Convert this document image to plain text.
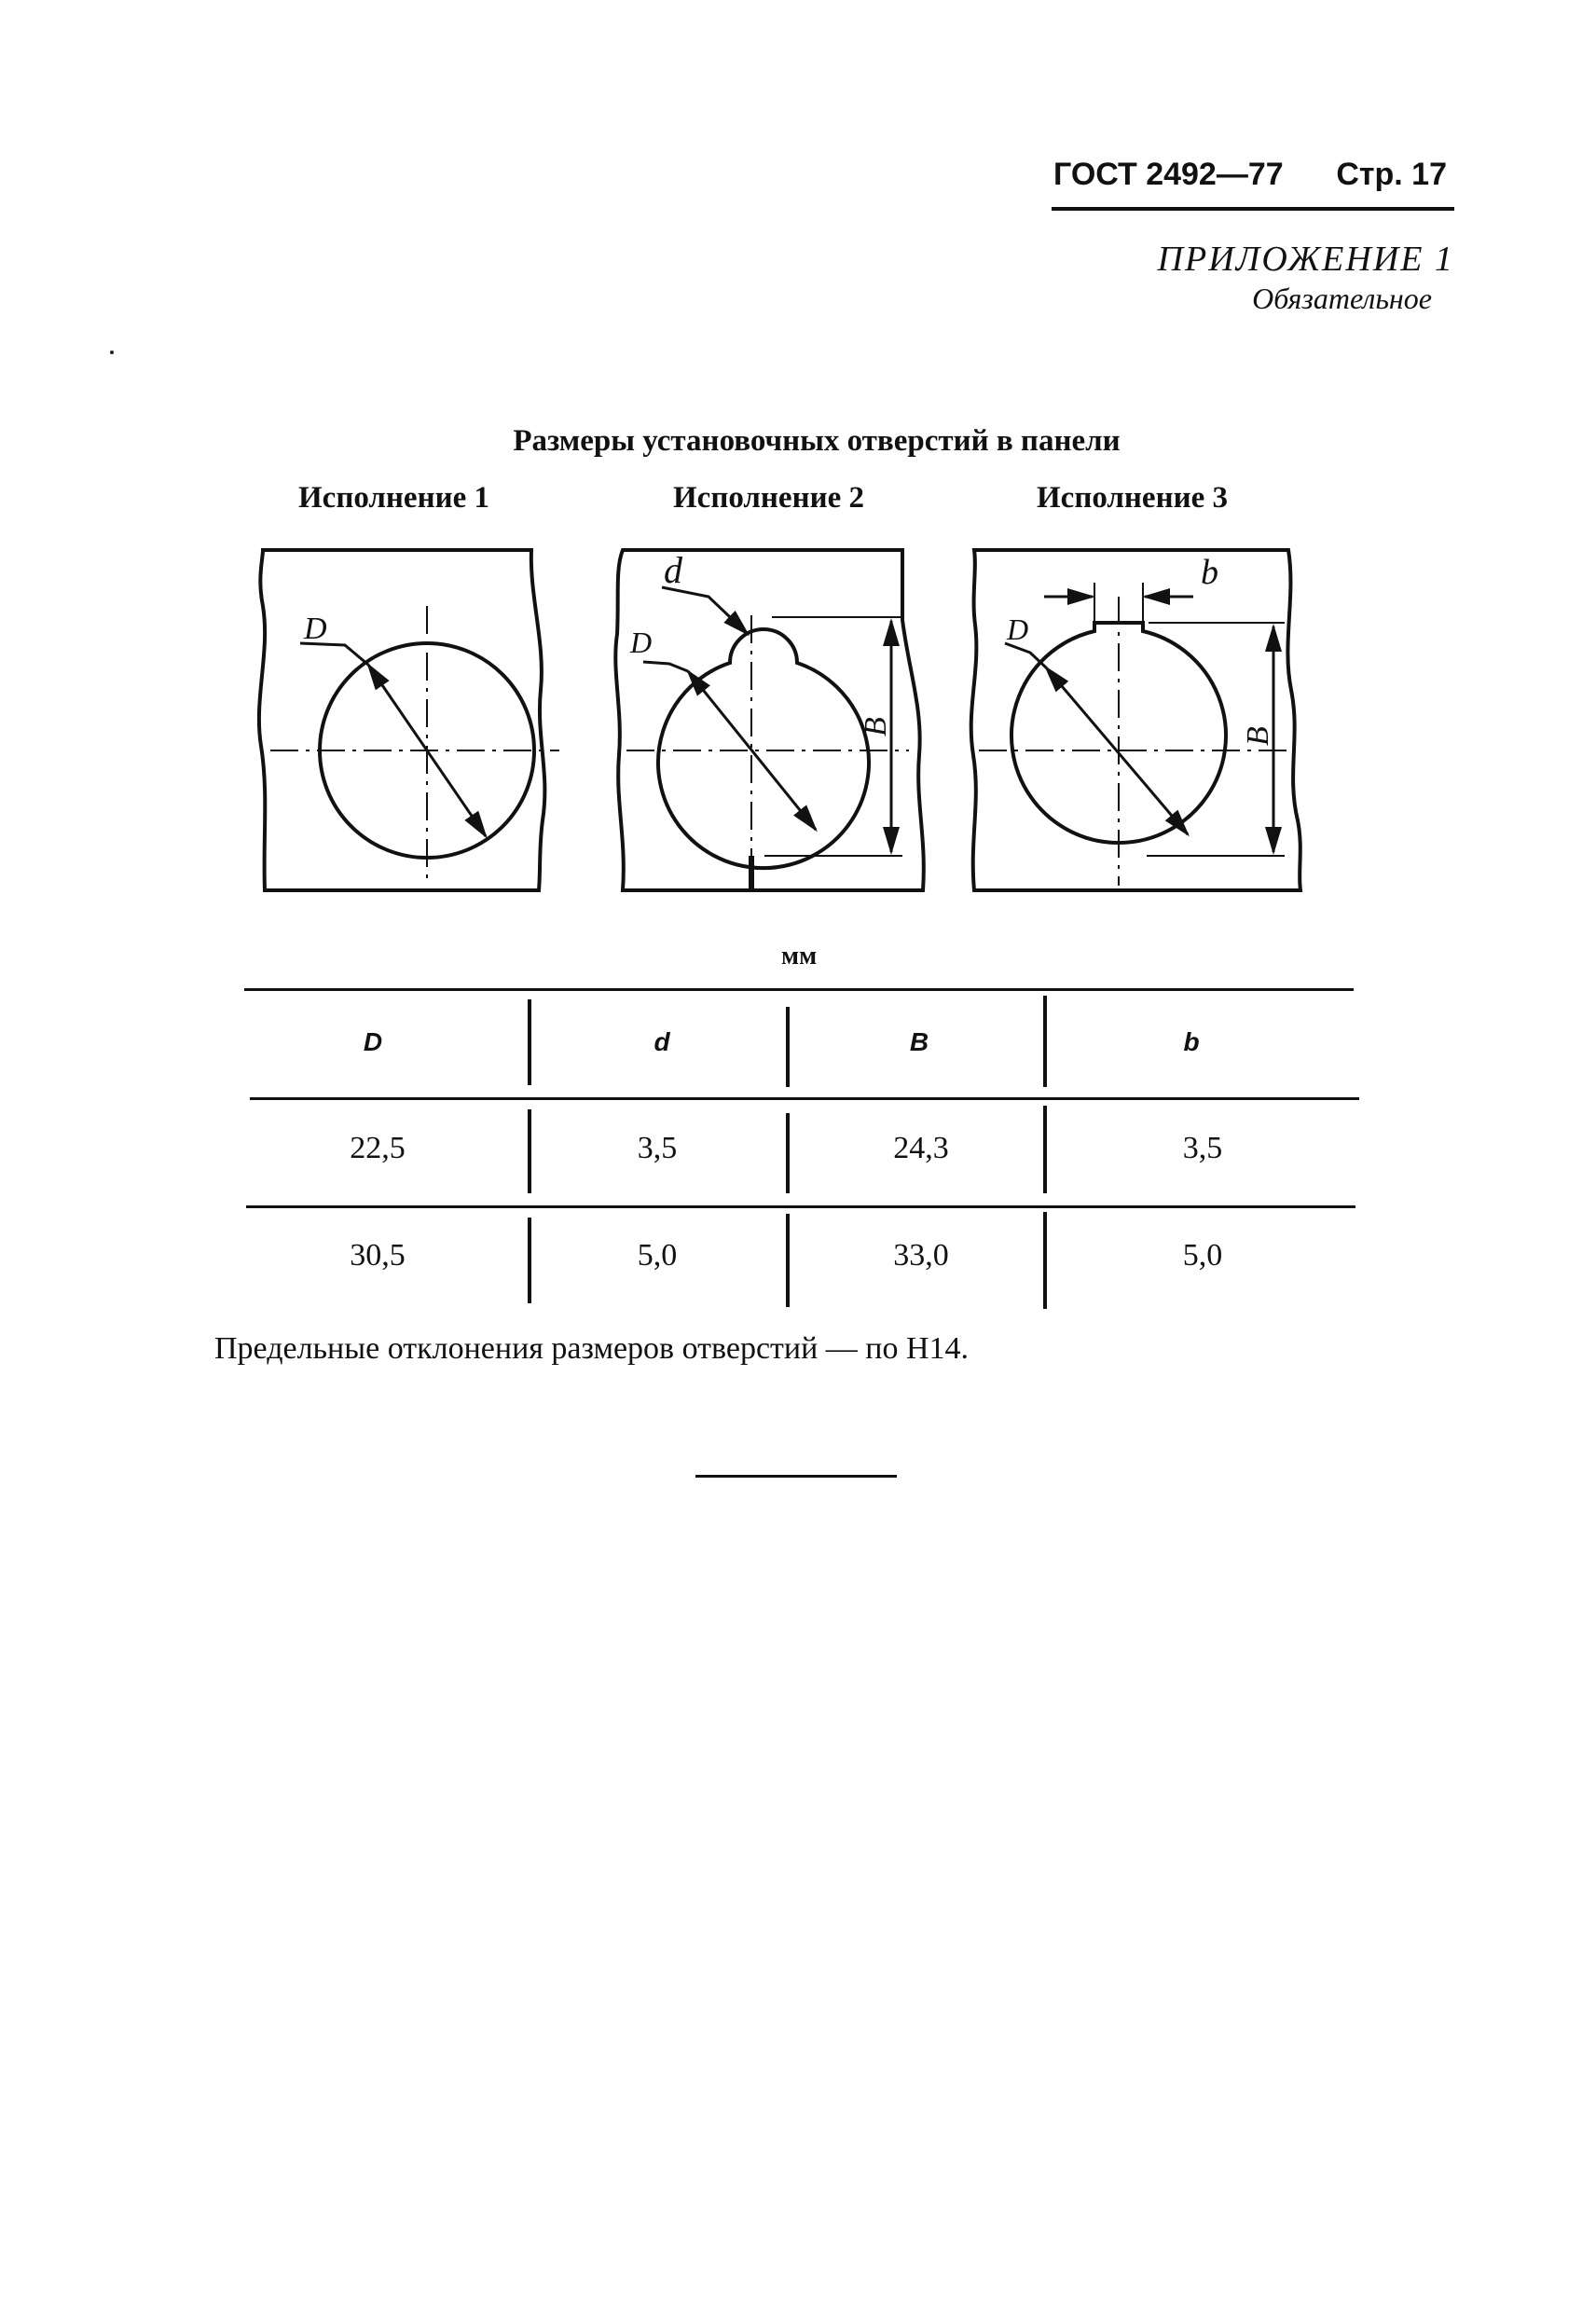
ГОСТ 2492—77 Стр. 17
ПРИЛОЖЕНИЕ 1
Обязательное
Размеры установочных отверстий в панели
Исполнение 1	Исполнение 2	Исполнение 3
D
d
D
B
b
D
B
мм
D	d	B	b
22,5	3,5	24,3	3,5
30,5	5,0	33,0	5,0
Предельные отклонения размеров отверстий — по H14.
